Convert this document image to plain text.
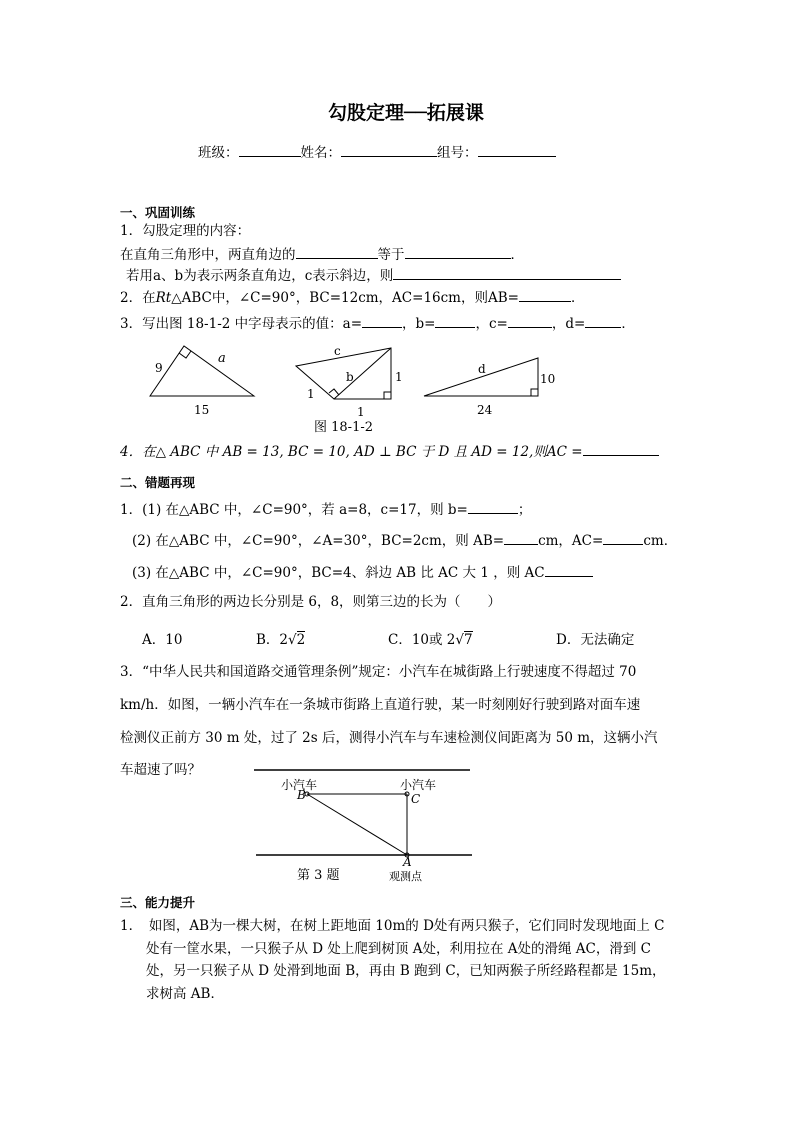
勾股定理──拓展课
班级：	姓名：	组号：
一、巩固训练
1．勾股定理的内容：
在直角三角形中，两直角边的	等于	．
若用a、b为表示两条直角边，c表示斜边，则
2．在Rt△ABC中，∠C=90°，BC=12cm，AC=16cm，则AB=	．
3．写出图 18-1-2 中字母表示的值：a=	，b=	，c=	，d=	．
9
a
15
c
b
1
1
1
d
10
24
图 18-1-2
4．在△ ABC 中 AB = 13, BC = 10, AD ⊥ BC 于 D 且 AD = 12,则AC =
二、错题再现
1．(1) 在△ABC 中，∠C=90°，若 a=8，c=17，则 b=	；
(2) 在△ABC 中，∠C=90°，∠A=30°，BC=2cm，则 AB=	cm，AC=	cm．
(3) 在△ABC 中，∠C=90°，BC=4、斜边 AB 比 AC 大 1 ，则 AC
2．直角三角形的两边长分别是 6，8，则第三边的长为（　　）
A．10	B．2√2	C．10或 2√7	D．无法确定
3．“中华人民共和国道路交通管理条例”规定：小汽车在城街路上行驶速度不得超过 70
km/h．如图，一辆小汽车在一条城市街路上直道行驶，某一时刻刚好行驶到路对面车速
检测仪正前方 30 m 处，过了 2s 后，测得小汽车与车速检测仪间距离为 50 m，这辆小汽
车超速了吗？
小汽车	小汽车
B	C
A
第 3 题	观测点
三、能力提升
1．　如图，AB为一棵大树，在树上距地面 10m的 D处有两只猴子，它们同时发现地面上 C
处有一筐水果，一只猴子从 D 处上爬到树顶 A处，利用拉在 A处的滑绳 AC，滑到 C
处，另一只猴子从 D 处滑到地面 B，再由 B 跑到 C，已知两猴子所经路程都是 15m，
求树高 AB．
